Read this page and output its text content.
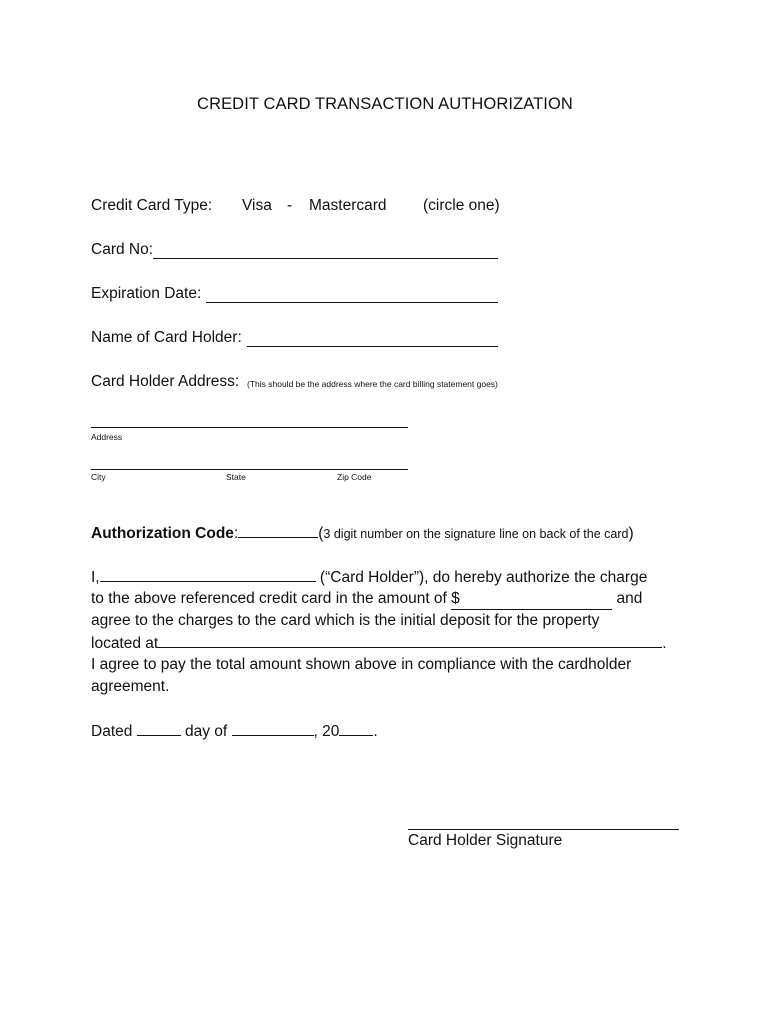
CREDIT CARD TRANSACTION AUTHORIZATION
Credit Card Type: Visa - Mastercard (circle one)
Card No:
Expiration Date:
Name of Card Holder:
Card Holder Address: (This should be the address where the card billing statement goes)
Address
City	State	Zip Code
Authorization Code:	(3 digit number on the signature line on back of the card)
I,	(“Card Holder”), do hereby authorize the charge
to the above referenced credit card in the amount of $	and
agree to the charges to the card which is the initial deposit for the property
located at	.
I agree to pay the total amount shown above in compliance with the cardholder
agreement.
Dated	day of	, 20 .
Card Holder Signature
